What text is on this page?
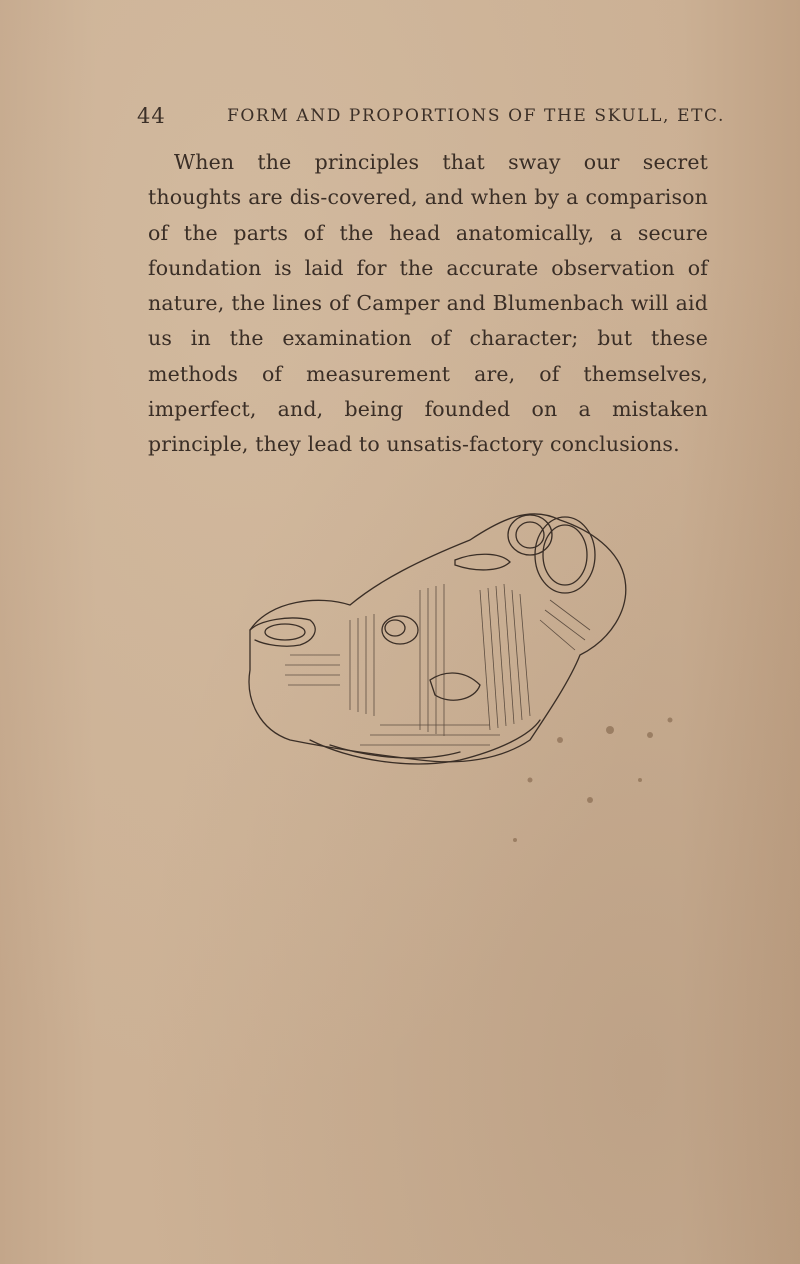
44	FORM AND PROPORTIONS OF THE SKULL, ETC.

When the principles that sway our secret thoughts are dis-covered, and when by a comparison of the parts of the head anatomically, a secure foundation is laid for the accurate observation of nature, the lines of Camper and Blumenbach will aid us in the examination of character; but these methods of measurement are, of themselves, imperfect, and, being founded on a mistaken principle, they lead to unsatis-factory conclusions.
